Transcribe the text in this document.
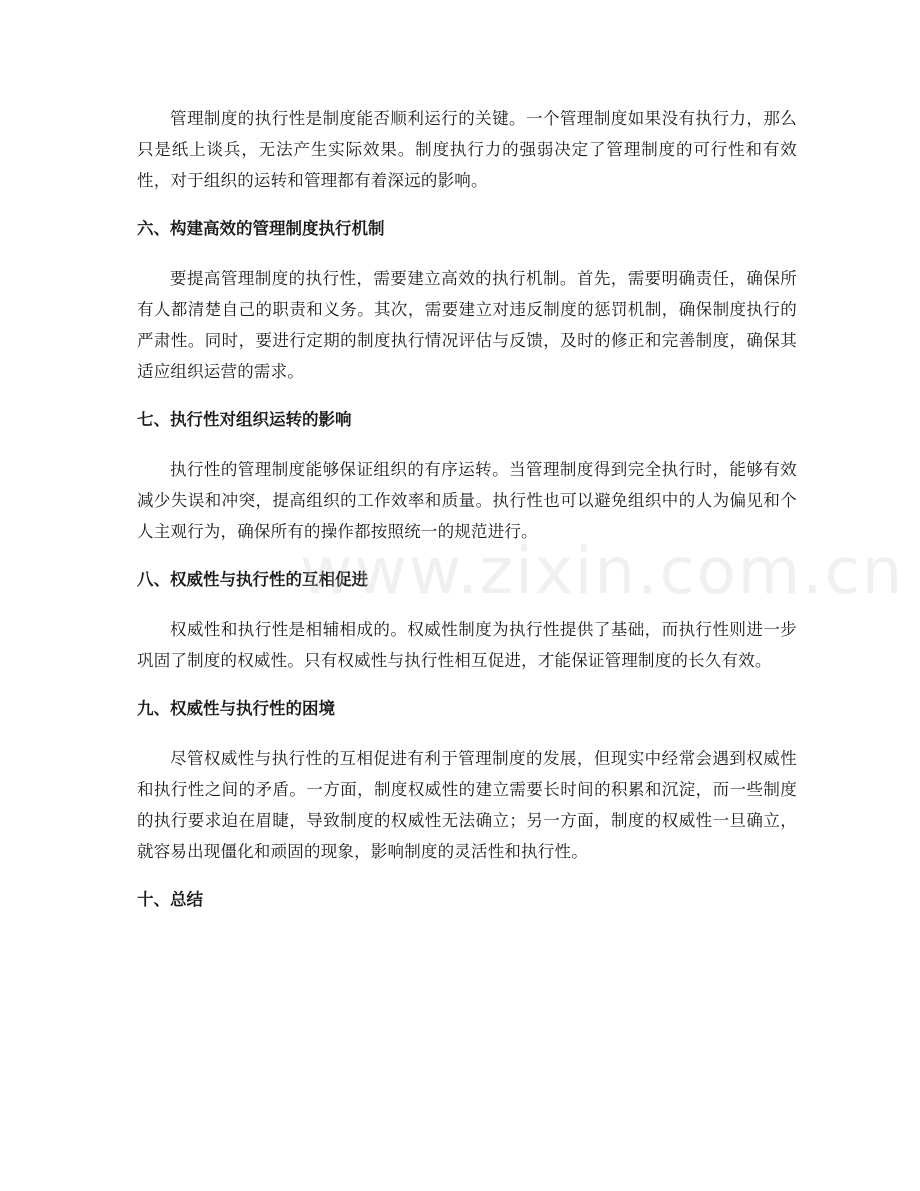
管理制度的执行性是制度能否顺利运行的关键。一个管理制度如果没有执行力，那么只是纸上谈兵，无法产生实际效果。制度执行力的强弱决定了管理制度的可行性和有效性，对于组织的运转和管理都有着深远的影响。

六、构建高效的管理制度执行机制

要提高管理制度的执行性，需要建立高效的执行机制。首先，需要明确责任，确保所有人都清楚自己的职责和义务。其次，需要建立对违反制度的惩罚机制，确保制度执行的严肃性。同时，要进行定期的制度执行情况评估与反馈，及时的修正和完善制度，确保其适应组织运营的需求。

七、执行性对组织运转的影响

执行性的管理制度能够保证组织的有序运转。当管理制度得到完全执行时，能够有效减少失误和冲突，提高组织的工作效率和质量。执行性也可以避免组织中的人为偏见和个人主观行为，确保所有的操作都按照统一的规范进行。

八、权威性与执行性的互相促进

权威性和执行性是相辅相成的。权威性制度为执行性提供了基础，而执行性则进一步巩固了制度的权威性。只有权威性与执行性相互促进，才能保证管理制度的长久有效。

九、权威性与执行性的困境

尽管权威性与执行性的互相促进有利于管理制度的发展，但现实中经常会遇到权威性和执行性之间的矛盾。一方面，制度权威性的建立需要长时间的积累和沉淀，而一些制度的执行要求迫在眉睫，导致制度的权威性无法确立；另一方面，制度的权威性一旦确立，就容易出现僵化和顽固的现象，影响制度的灵活性和执行性。

十、总结

www.zixin.com.cn
